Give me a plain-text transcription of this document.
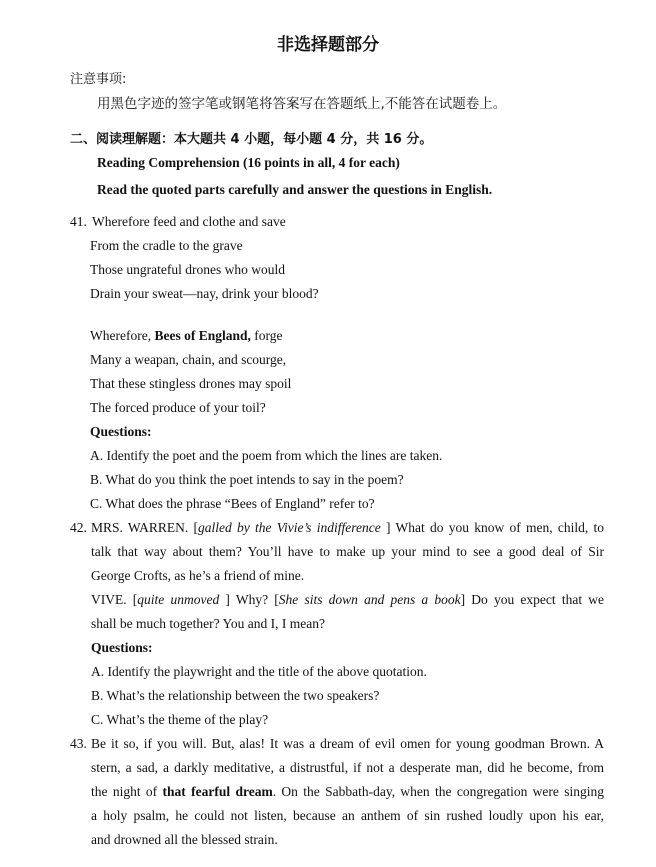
非选择题部分
注意事项:
用黑色字迹的签字笔或钢笔将答案写在答题纸上,不能答在试题卷上。
二、阅读理解题：本大题共 4 小题，每小题 4 分，共 16 分。
Reading Comprehension (16 points in all, 4 for each)
Read the quoted parts carefully and answer the questions in English.
41. Wherefore feed and clothe and save
From the cradle to the grave
Those ungrateful drones who would
Drain your sweat—nay, drink your blood?
Wherefore, Bees of England, forge
Many a weapan, chain, and scourge,
That these stingless drones may spoil
The forced produce of your toil?
Questions:
A. Identify the poet and the poem from which the lines are taken.
B. What do you think the poet intends to say in the poem?
C. What does the phrase “Bees of England” refer to?
42. MRS. WARREN. [galled by the Vivie’s indifference ] What do you know of men, child, to
talk that way about them? You’ll have to make up your mind to see a good deal of Sir
George Crofts, as he’s a friend of mine.
VIVE. [quite unmoved ] Why? [She sits down and pens a book] Do you expect that we
shall be much together? You and I, I mean?
Questions:
A. Identify the playwright and the title of the above quotation.
B. What’s the relationship between the two speakers?
C. What’s the theme of the play?
43. Be it so, if you will. But, alas! It was a dream of evil omen for young goodman Brown. A
stern, a sad, a darkly meditative, a distrustful, if not a desperate man, did he become, from
the night of that fearful dream. On the Sabbath-day, when the congregation were singing
a holy psalm, he could not listen, because an anthem of sin rushed loudly upon his ear,
and drowned all the blessed strain.
